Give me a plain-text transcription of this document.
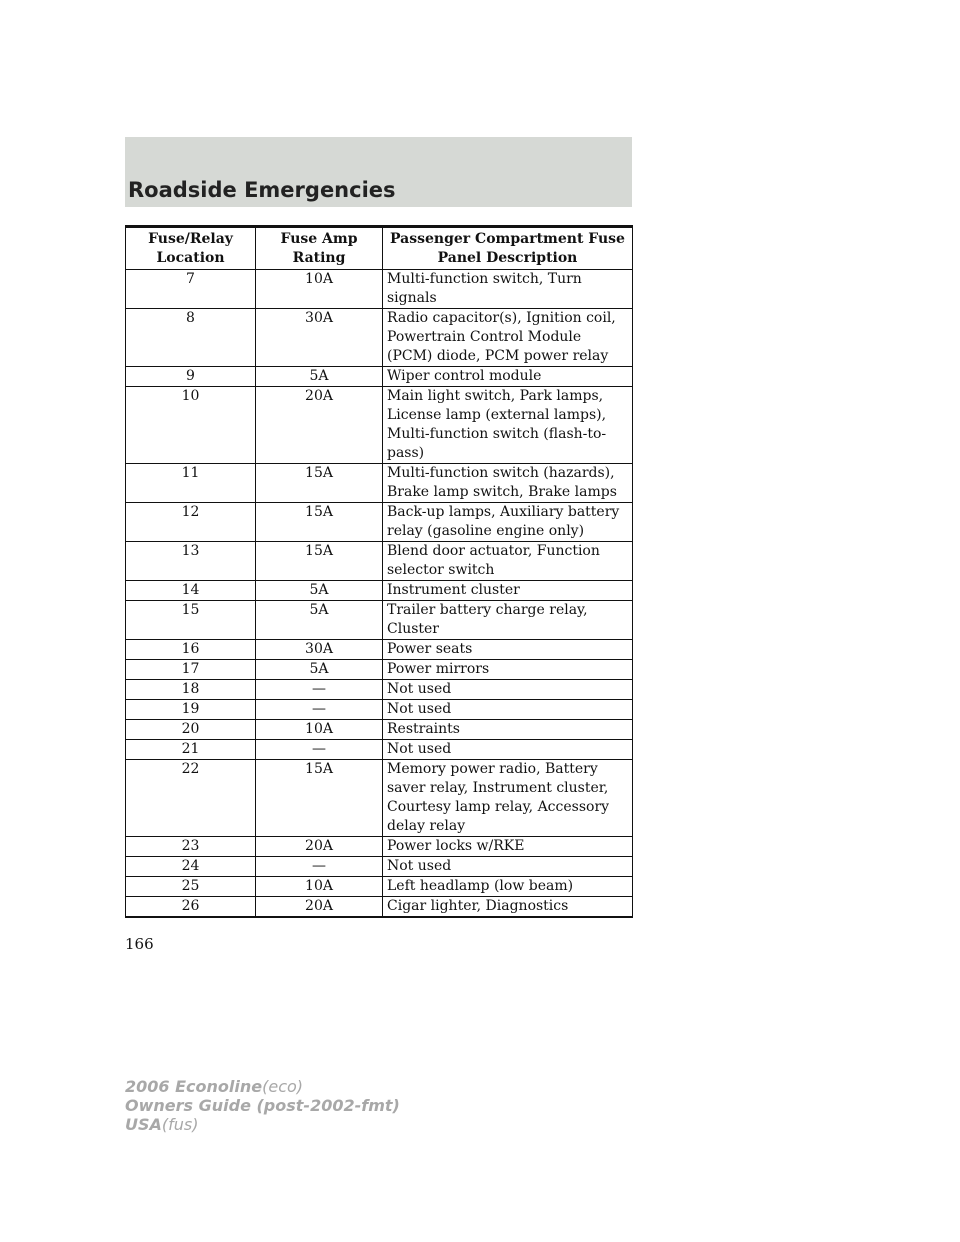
Roadside Emergencies
Fuse/Relay Location	Fuse Amp Rating	Passenger Compartment Fuse Panel Description
7	10A	Multi-function switch, Turn signals
8	30A	Radio capacitor(s), Ignition coil, Powertrain Control Module (PCM) diode, PCM power relay
9	5A	Wiper control module
10	20A	Main light switch, Park lamps, License lamp (external lamps), Multi-function switch (flash-to-pass)
11	15A	Multi-function switch (hazards), Brake lamp switch, Brake lamps
12	15A	Back-up lamps, Auxiliary battery relay (gasoline engine only)
13	15A	Blend door actuator, Function selector switch
14	5A	Instrument cluster
15	5A	Trailer battery charge relay, Cluster
16	30A	Power seats
17	5A	Power mirrors
18	—	Not used
19	—	Not used
20	10A	Restraints
21	—	Not used
22	15A	Memory power radio, Battery saver relay, Instrument cluster, Courtesy lamp relay, Accessory delay relay
23	20A	Power locks w/RKE
24	—	Not used
25	10A	Left headlamp (low beam)
26	20A	Cigar lighter, Diagnostics
166
2006 Econoline(eco)
Owners Guide (post-2002-fmt)
USA(fus)
